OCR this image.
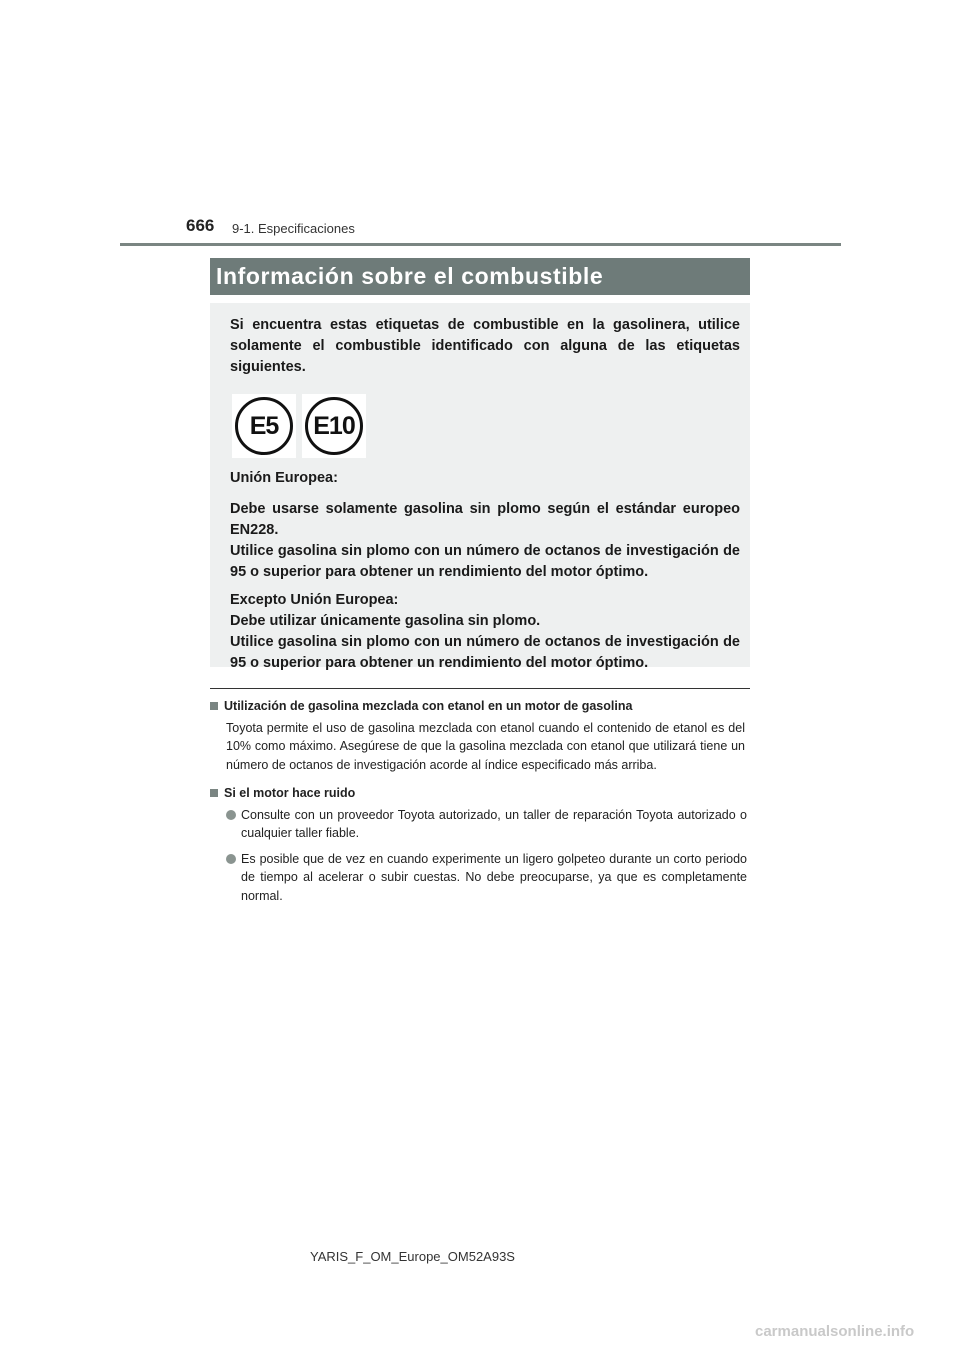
666 9-1. Especificaciones
Información sobre el combustible

Si encuentra estas etiquetas de combustible en la gasolinera, utilice solamente el combustible identificado con alguna de las etiquetas siguientes.

E5	E10

Unión Europea:

Debe usarse solamente gasolina sin plomo según el estándar europeo EN228.

Utilice gasolina sin plomo con un número de octanos de investigación de 95 o superior para obtener un rendimiento del motor óptimo.

Excepto Unión Europea:

Debe utilizar únicamente gasolina sin plomo.

Utilice gasolina sin plomo con un número de octanos de investigación de 95 o superior para obtener un rendimiento del motor óptimo.

Utilización de gasolina mezclada con etanol en un motor de gasolina
Toyota permite el uso de gasolina mezclada con etanol cuando el contenido de etanol es del 10% como máximo. Asegúrese de que la gasolina mezclada con etanol que utilizará tiene un número de octanos de investigación acorde al índice especificado más arriba.
Si el motor hace ruido
Consulte con un proveedor Toyota autorizado, un taller de reparación Toyota autorizado o cualquier taller fiable.
Es posible que de vez en cuando experimente un ligero golpeteo durante un corto periodo de tiempo al acelerar o subir cuestas. No debe preocuparse, ya que es completamente normal.
YARIS_F_OM_Europe_OM52A93S
carmanualsonline.info
